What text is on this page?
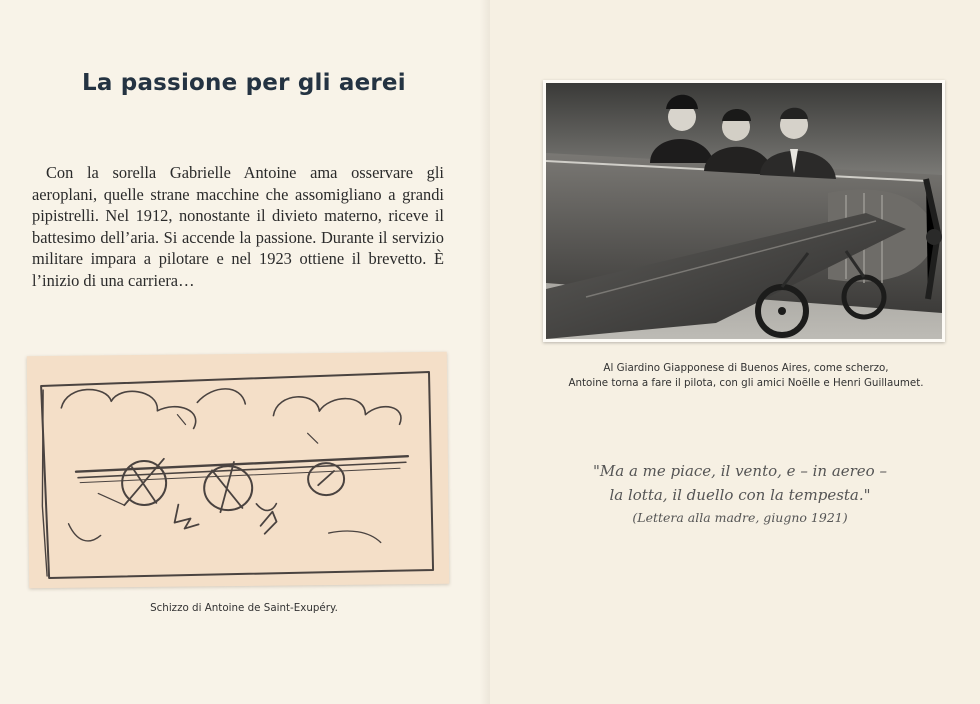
La passione per gli aerei

Con la sorella Gabrielle Antoine ama osservare gli aeroplani, quelle strane macchine che assomigliano a grandi pipistrelli. Nel 1912, nonostante il divieto materno, riceve il battesimo dell’aria. Si accende la passione. Durante il servizio militare impara a pilotare e nel 1923 ottiene il brevetto. È l’inizio di una carriera…

Schizzo di Antoine de Saint-Exupéry.

Al Giardino Giapponese di Buenos Aires, come scherzo,
Antoine torna a fare il pilota, con gli amici Noëlle e Henri Guillaumet.

"Ma a me piace, il vento, e – in aereo –
la lotta, il duello con la tempesta."
(Lettera alla madre, giugno 1921)
